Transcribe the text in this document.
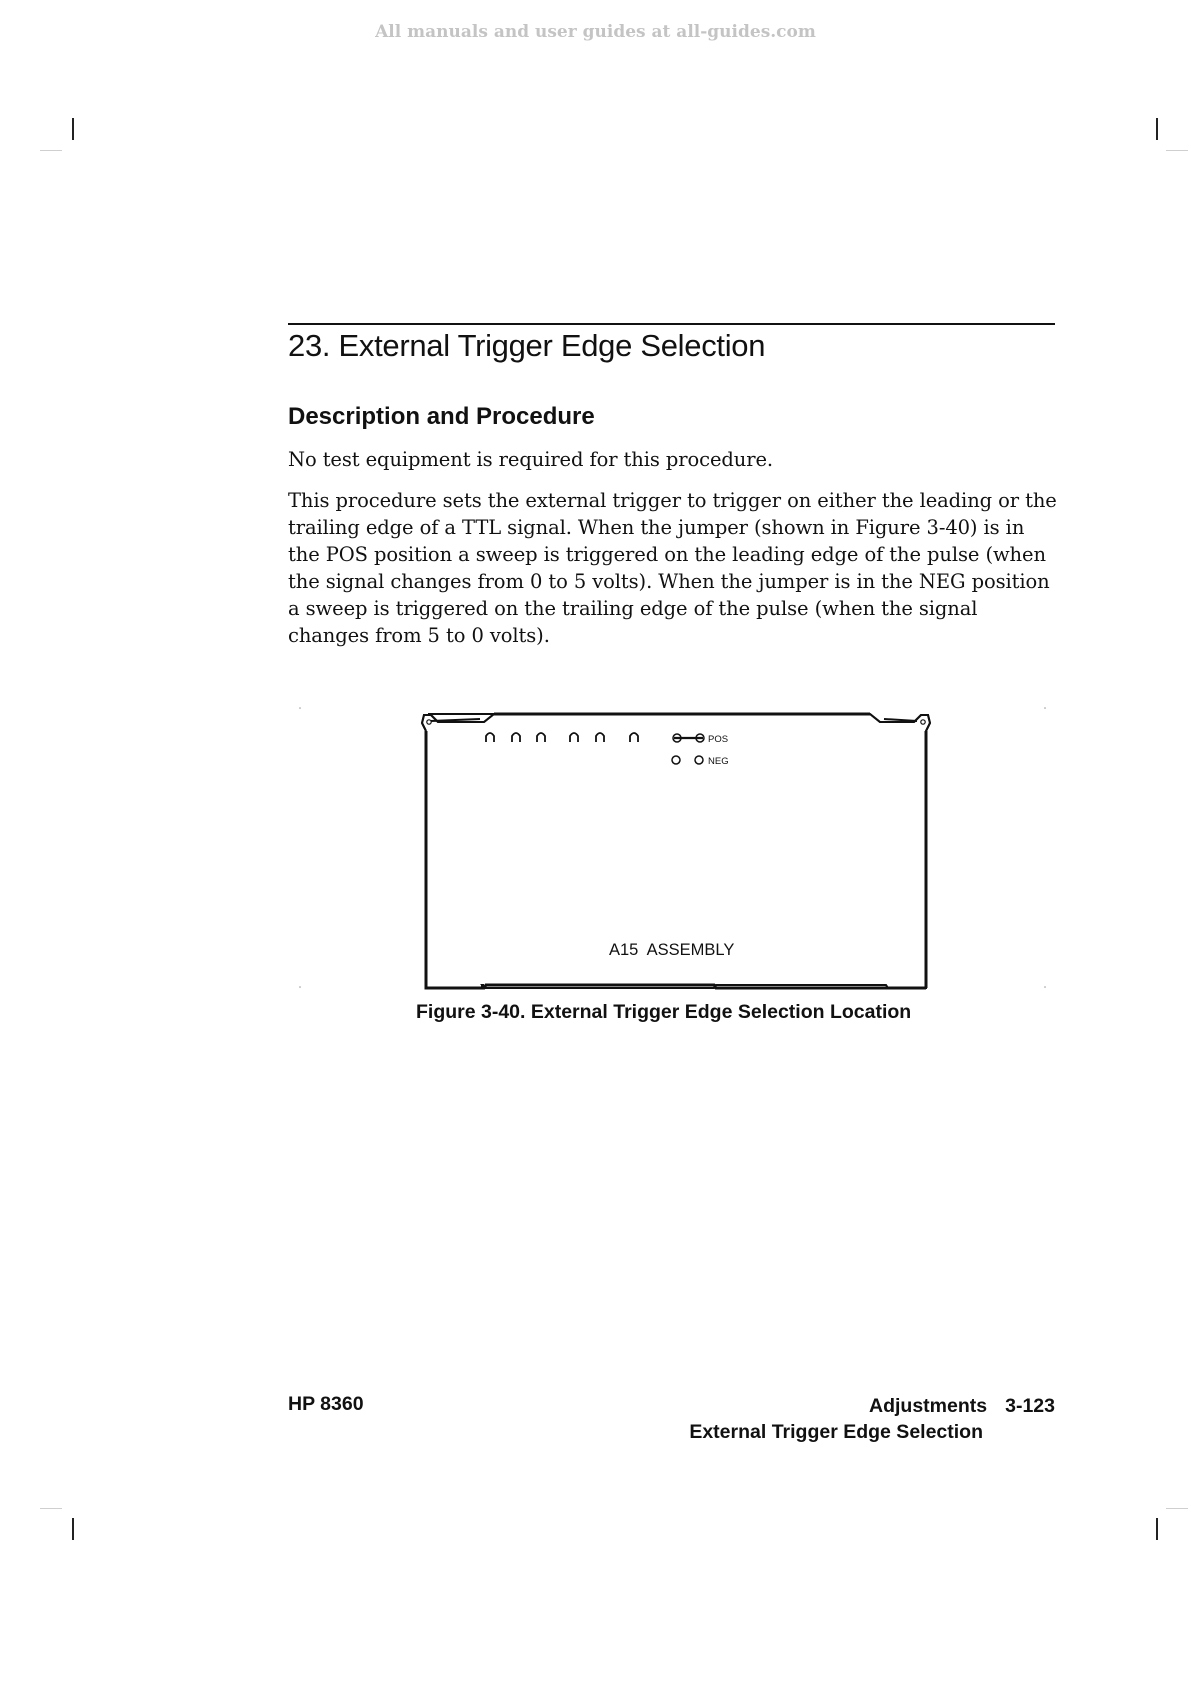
All manuals and user guides at all-guides.com
23. External Trigger Edge Selection
Description and Procedure

No test equipment is required for this procedure.

This procedure sets the external trigger to trigger on either the leading or the trailing edge of a TTL signal. When the jumper (shown in Figure 3-40) is in the POS position a sweep is triggered on the leading edge of the pulse (when the signal changes from 0 to 5 volts). When the jumper is in the NEG position a sweep is triggered on the trailing edge of the pulse (when the signal changes from 5 to 0 volts).

POS
NEG
A15  ASSEMBLY

Figure 3-40. External Trigger Edge Selection Location

HP 8360	Adjustments 3-123
External Trigger Edge Selection
